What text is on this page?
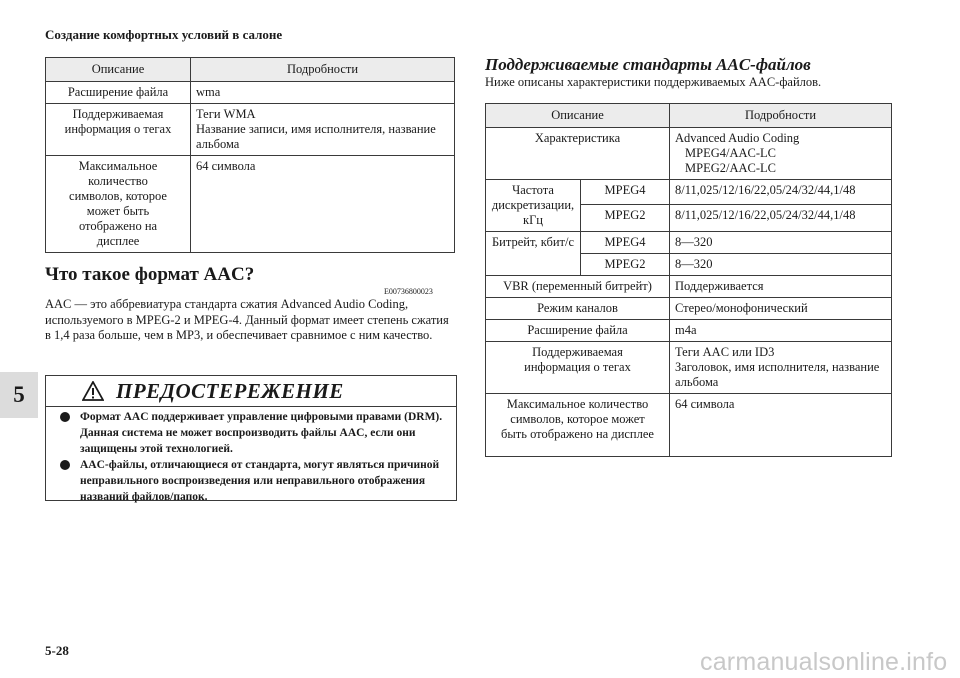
Создание комфортных условий в салоне
5
Описание	Подробности
Расширение файла	wma

Поддерживаемая информация о тегах	Теги WMA
Название записи, имя исполнителя, название альбома

Максимальное количество символов, которое может быть отображено на дисплее	64 символа
Что такое формат AAC?
E00736800023

AAC — это аббревиатура стандарта сжатия Advanced Audio Coding, используемого в MPEG-2 и MPEG-4. Данный формат имеет степень сжатия в 1,4 раза больше, чем в MP3, и обеспечивает сравнимое с ним качество.

ПРЕДОСТЕРЕЖЕНИЕ
Формат AAC поддерживает управление цифровыми правами (DRM). Данная система не может воспроизводить файлы AAC, если они защищены этой технологией.
AAC-файлы, отличающиеся от стандарта, могут являться причиной неправильного воспроизведения или неправильного отображения названий файлов/папок.
Поддерживаемые стандарты AAC-файлов

Ниже описаны характеристики поддерживаемых AAC-файлов.

Описание		Подробности
Характеристика		Advanced Audio Coding
MPEG4/AAC-LC
MPEG2/AAC-LC

Частота дискретизации, кГц	MPEG4	8/11,025/12/16/22,05/24/32/44,1/48
	MPEG2	8/11,025/12/16/22,05/24/32/44,1/48
Битрейт, кбит/с	MPEG4	8—320
	MPEG2	8—320
VBR (переменный битрейт)		Поддерживается
Режим каналов		Стерео/монофонический
Расширение файла		m4a
Поддерживаемая информация о тегах		Теги AAC или ID3
Заголовок, имя исполнителя, название альбома

Максимальное количество символов, которое может быть отображено на дисплее		64 символа
5-28	carmanualsonline.info
